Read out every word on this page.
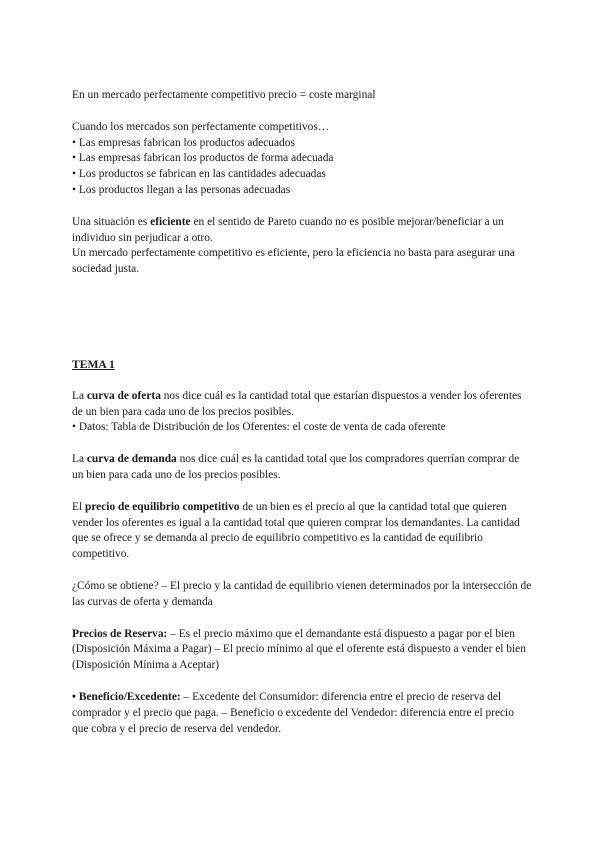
En un mercado perfectamente competitivo precio = coste marginal

Cuando los mercados son perfectamente competitivos…

• Las empresas fabrican los productos adecuados

• Las empresas fabrican los productos de forma adecuada

• Los productos se fabrican en las cantidades adecuadas

• Los productos llegan a las personas adecuadas

Una situación es eficiente en el sentido de Pareto cuando no es posible mejorar/beneficiar a un individuo sin perjudicar a otro.

Un mercado perfectamente competitivo es eficiente, pero la eficiencia no basta para asegurar una sociedad justa.

TEMA 1

La curva de oferta nos dice cuál es la cantidad total que estarían dispuestos a vender los oferentes de un bien para cada uno de los precios posibles.

• Datos: Tabla de Distribución de los Oferentes: el coste de venta de cada oferente

La curva de demanda nos dice cuál es la cantidad total que los compradores querrían comprar de un bien para cada uno de los precios posibles.

El precio de equilibrio competitivo de un bien es el precio al que la cantidad total que quieren vender los oferentes es igual a la cantidad total que quieren comprar los demandantes. La cantidad que se ofrece y se demanda al precio de equilibrio competitivo es la cantidad de equilibrio competitivo.

¿Cómo se obtiene? – El precio y la cantidad de equilibrio vienen determinados por la intersección de las curvas de oferta y demanda

Precios de Reserva: – Es el precio máximo que el demandante está dispuesto a pagar por el bien (Disposición Máxima a Pagar) – El precio mínimo al que el oferente está dispuesto a vender el bien (Disposición Mínima a Aceptar)

• Beneficio/Excedente: – Excedente del Consumidor: diferencia entre el precio de reserva del comprador y el precio que paga. – Beneficio o excedente del Vendedor: diferencia entre el precio que cobra y el precio de reserva del vendedor.
